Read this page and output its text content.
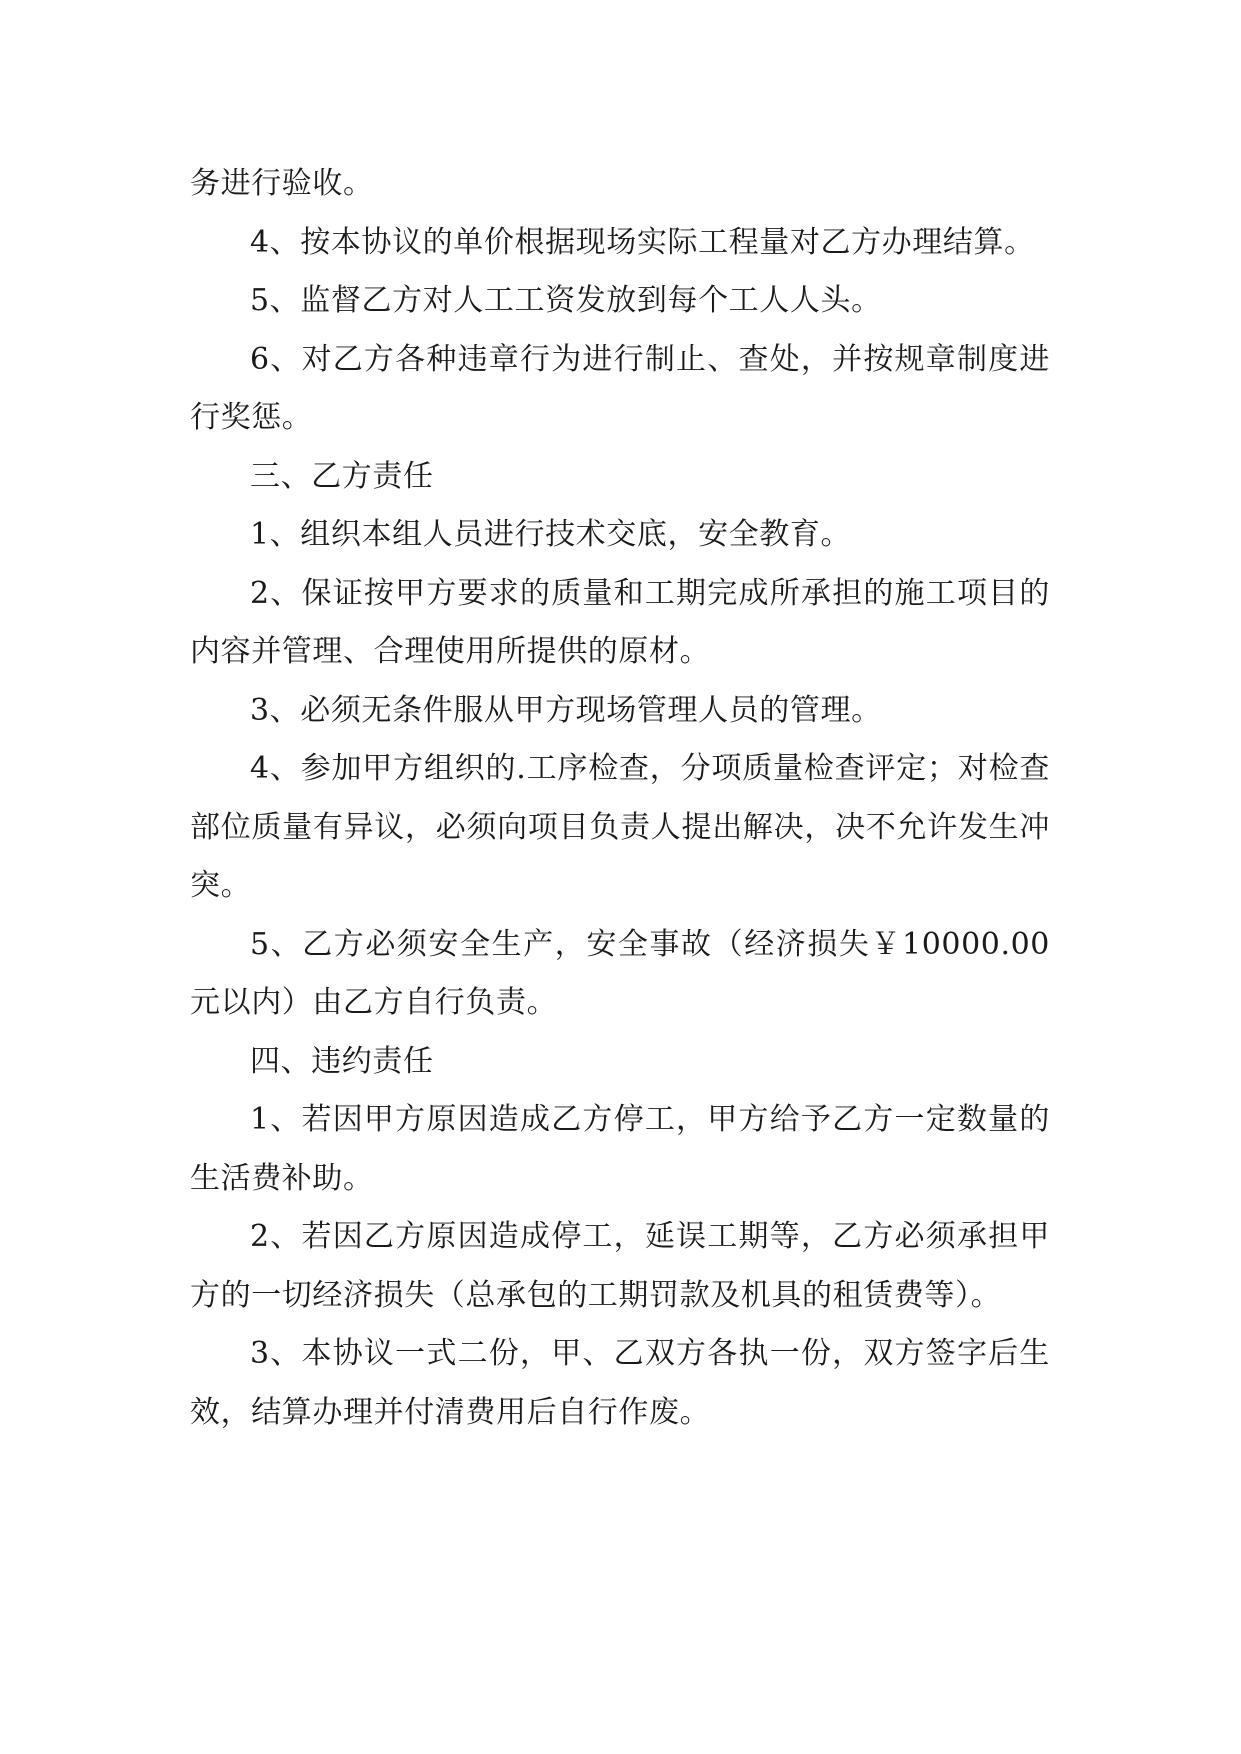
务进行验收。

4、按本协议的单价根据现场实际工程量对乙方办理结算。

5、监督乙方对人工工资发放到每个工人人头。

6、对乙方各种违章行为进行制止、查处，并按规章制度进行奖惩。

三、乙方责任

1、组织本组人员进行技术交底，安全教育。

2、保证按甲方要求的质量和工期完成所承担的施工项目的内容并管理、合理使用所提供的原材。

3、必须无条件服从甲方现场管理人员的管理。

4、参加甲方组织的.工序检查，分项质量检查评定；对检查部位质量有异议，必须向项目负责人提出解决，决不允许发生冲突。

5、乙方必须安全生产，安全事故（经济损失￥10000.00元以内）由乙方自行负责。

四、违约责任

1、若因甲方原因造成乙方停工，甲方给予乙方一定数量的生活费补助。

2、若因乙方原因造成停工，延误工期等，乙方必须承担甲方的一切经济损失（总承包的工期罚款及机具的租赁费等）。

3、本协议一式二份，甲、乙双方各执一份，双方签字后生效，结算办理并付清费用后自行作废。
